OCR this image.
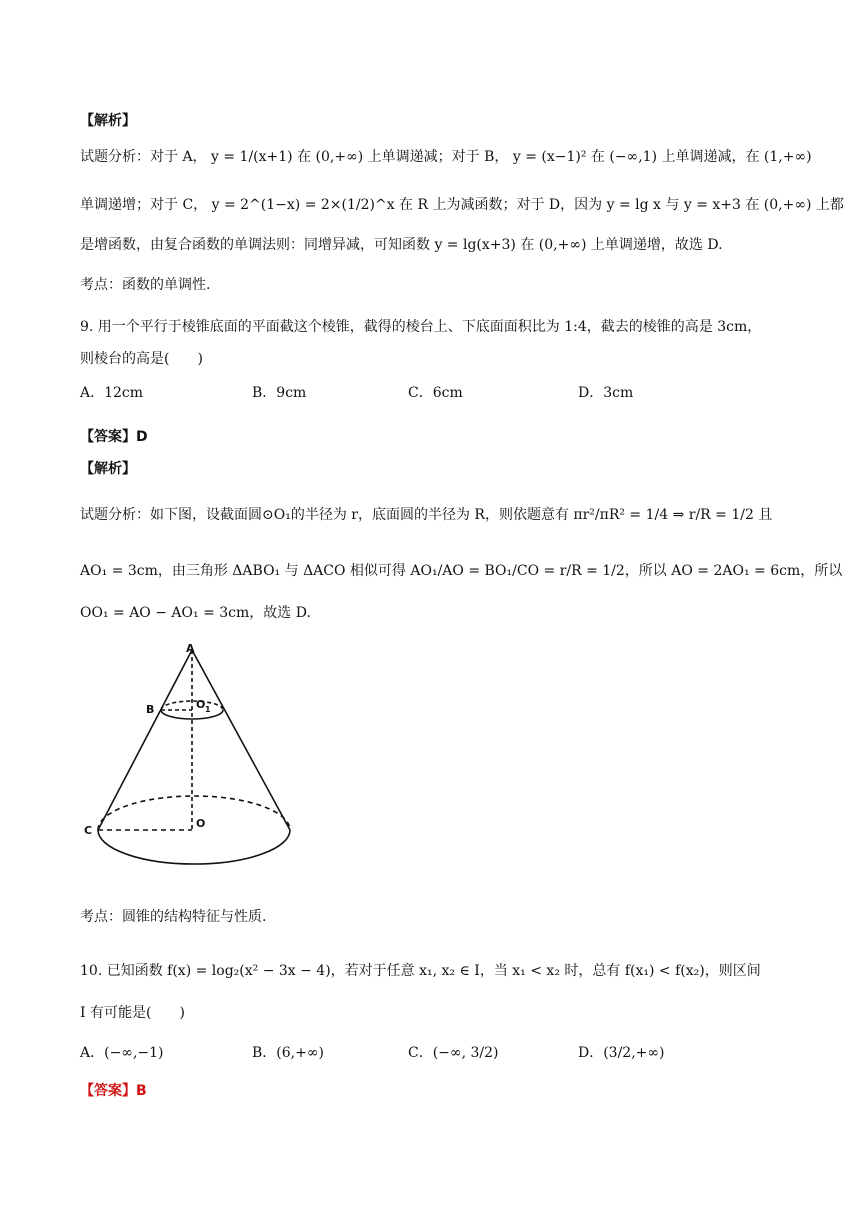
【解析】
试题分析：对于 A， y = 1/(x+1) 在 (0,+∞) 上单调递减；对于 B， y = (x−1)² 在 (−∞,1) 上单调递减，在 (1,+∞)
单调递增；对于 C， y = 2^(1−x) = 2×(1/2)^x 在 R 上为减函数；对于 D，因为 y = lg x 与 y = x+3 在 (0,+∞) 上都
是增函数，由复合函数的单调法则：同增异减，可知函数 y = lg(x+3) 在 (0,+∞) 上单调递增，故选 D.
考点：函数的单调性.
9. 用一个平行于棱锥底面的平面截这个棱锥，截得的棱台上、下底面面积比为 1:4，截去的棱锥的高是 3cm，
则棱台的高是(　　)
A．12cm	B．9cm	C．6cm	D．3cm
【答案】D
【解析】
试题分析：如下图，设截面圆⊙O₁的半径为 r，底面圆的半径为 R，则依题意有 πr²/πR² = 1/4 ⇒ r/R = 1/2 且
AO₁ = 3cm，由三角形 ΔABO₁ 与 ΔACO 相似可得 AO₁/AO = BO₁/CO = r/R = 1/2，所以 AO = 2AO₁ = 6cm，所以
OO₁ = AO − AO₁ = 3cm，故选 D.
A
B	O 1
C
O
考点：圆锥的结构特征与性质.
10. 已知函数 f(x) = log₂(x² − 3x − 4)，若对于任意 x₁, x₂ ∈ I，当 x₁ < x₂ 时，总有 f(x₁) < f(x₂)，则区间
I 有可能是(　　)
A．(−∞,−1)	B．(6,+∞)	C．(−∞, 3/2)	D．(3/2,+∞)
【答案】B
